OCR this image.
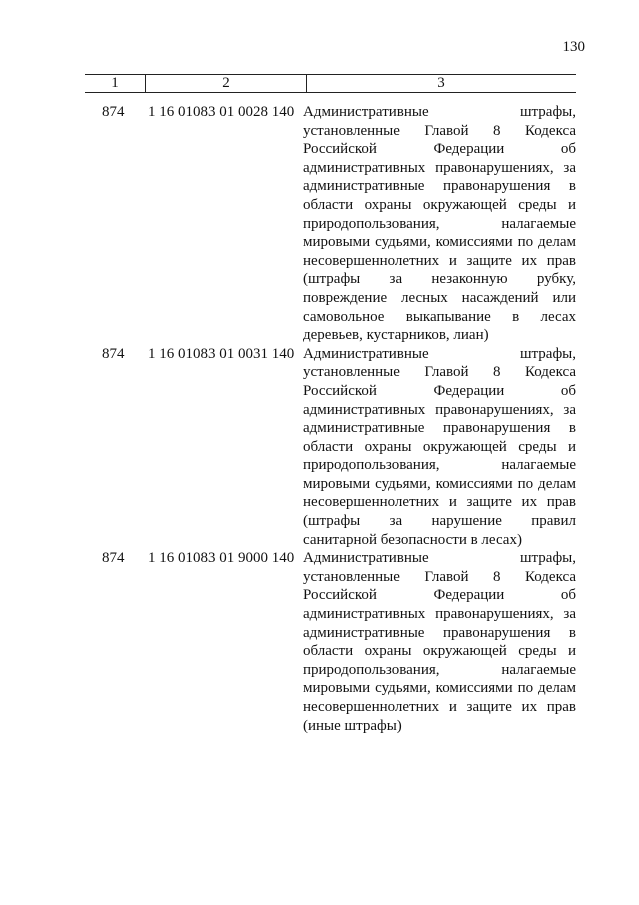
130
1	2	3
874 1 16 01083 01 0028 140 Административные штрафы,
установленные Главой 8 Кодекса
Российской Федерации об
административных правонарушениях, за
административные правонарушения в
области охраны окружающей среды и
природопользования, налагаемые
мировыми судьями, комиссиями по делам
несовершеннолетних и защите их прав
(штрафы за незаконную рубку,
повреждение лесных насаждений или
самовольное выкапывание в лесах
деревьев, кустарников, лиан)
874 1 16 01083 01 0031 140 Административные штрафы,
установленные Главой 8 Кодекса
Российской Федерации об
административных правонарушениях, за
административные правонарушения в
области охраны окружающей среды и
природопользования, налагаемые
мировыми судьями, комиссиями по делам
несовершеннолетних и защите их прав
(штрафы за нарушение правил
санитарной безопасности в лесах)
874 1 16 01083 01 9000 140 Административные штрафы,
установленные Главой 8 Кодекса
Российской Федерации об
административных правонарушениях, за
административные правонарушения в
области охраны окружающей среды и
природопользования, налагаемые
мировыми судьями, комиссиями по делам
несовершеннолетних и защите их прав
(иные штрафы)
